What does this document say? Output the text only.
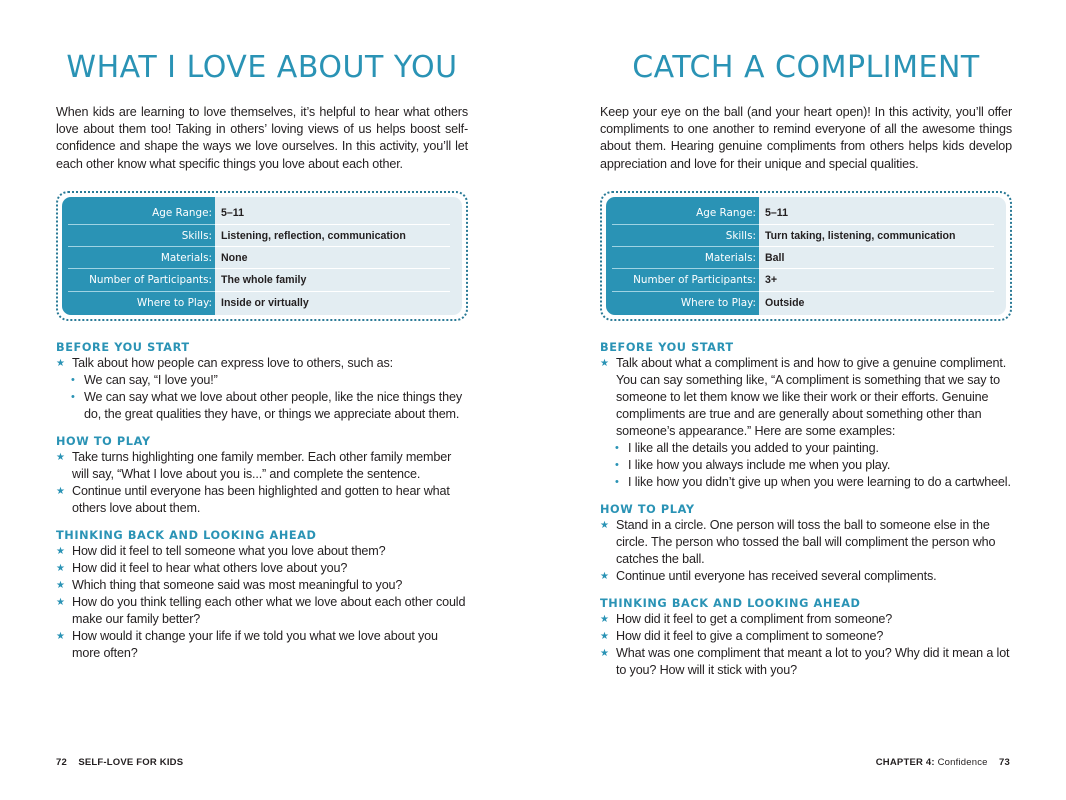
WHAT I LOVE ABOUT YOU

When kids are learning to love themselves, it’s helpful to hear what others love about them too! Taking in others’ loving views of us helps boost self-confidence and shape the ways we love ourselves. In this activity, you’ll let each other know what specific things you love about each other.

Age Range:
Skills:
Materials:
Number of Participants:
Where to Play:
5–11
Listening, reflection, communication
None
The whole family
Inside or virtually
BEFORE YOU START
★ Talk about how people can express love to others, such as:
• We can say, “I love you!”
• We can say what we love about other people, like the nice things they do, the great qualities they have, or things we appreciate about them.
HOW TO PLAY
★ Take turns highlighting one family member. Each other family member will say, “What I love about you is...” and complete the sentence.
★ Continue until everyone has been highlighted and gotten to hear what others love about them.
THINKING BACK AND LOOKING AHEAD
★ How did it feel to tell someone what you love about them?
★ How did it feel to hear what others love about you?
★ Which thing that someone said was most meaningful to you?
★ How do you think telling each other what we love about each other could make our family better?
★ How would it change your life if we told you what we love about you more often?
72 SELF-LOVE FOR KIDS
CATCH A COMPLIMENT

Keep your eye on the ball (and your heart open)! In this activity, you’ll offer compliments to one another to remind everyone of all the awesome things about them. Hearing genuine compliments from others helps kids develop appreciation and love for their unique and special qualities.

Age Range:
Skills:
Materials:
Number of Participants:
Where to Play:
5–11
Turn taking, listening, communication
Ball
3+
Outside
BEFORE YOU START
★ Talk about what a compliment is and how to give a genuine compliment. You can say something like, “A compliment is something that we say to someone to let them know we like their work or their efforts. Genuine compliments are true and are generally about something other than someone’s appearance.” Here are some examples:
• I like all the details you added to your painting.
• I like how you always include me when you play.
• I like how you didn’t give up when you were learning to do a cartwheel.
HOW TO PLAY
★ Stand in a circle. One person will toss the ball to someone else in the circle. The person who tossed the ball will compliment the person who catches the ball.
★ Continue until everyone has received several compliments.
THINKING BACK AND LOOKING AHEAD
★ How did it feel to get a compliment from someone?
★ How did it feel to give a compliment to someone?
★ What was one compliment that meant a lot to you? Why did it mean a lot to you? How will it stick with you?
CHAPTER 4: Confidence 73
